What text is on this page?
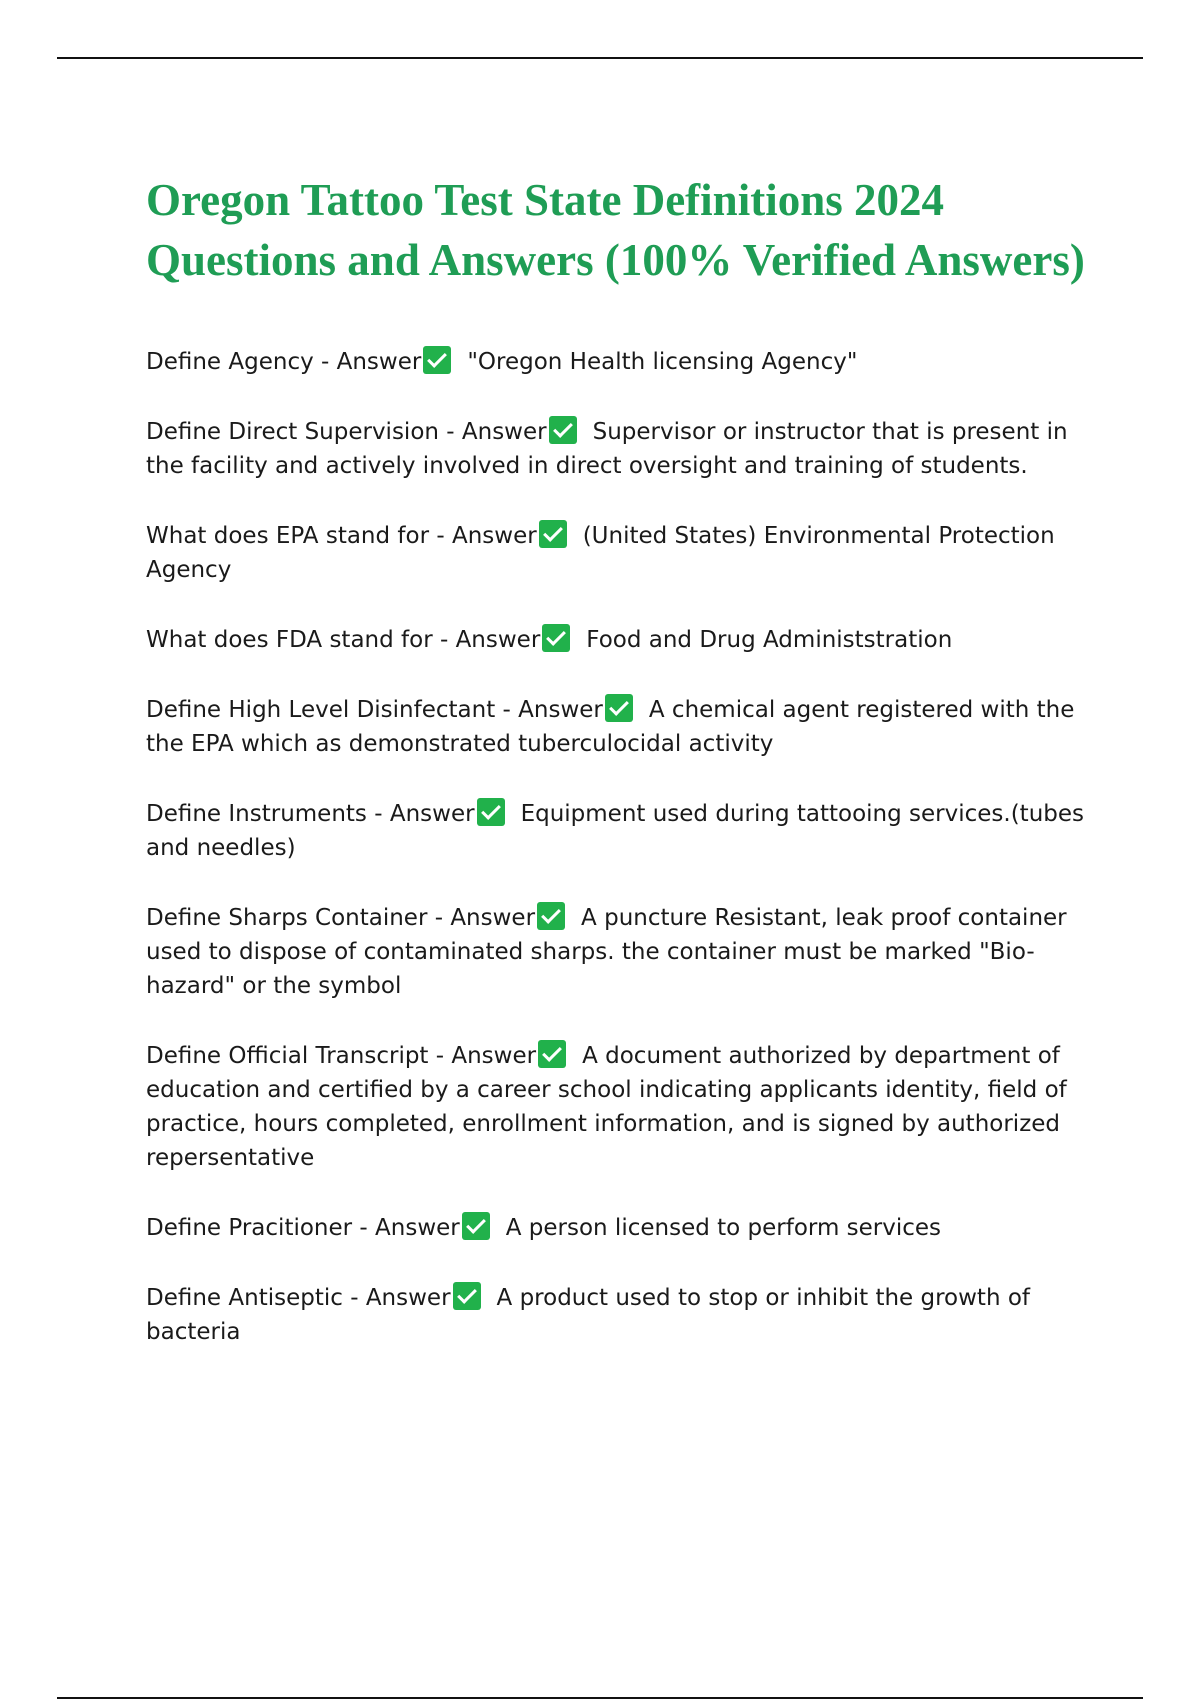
Oregon Tattoo Test State Definitions 2024 Questions and Answers (100% Verified Answers)

Define Agency - Answer "Oregon Health licensing Agency"

Define Direct Supervision - Answer Supervisor or instructor that is present in the facility and actively involved in direct oversight and training of students.

What does EPA stand for - Answer (United States) Environmental Protection Agency

What does FDA stand for - Answer Food and Drug Administstration

Define High Level Disinfectant - Answer A chemical agent registered with the the EPA which as demonstrated tuberculocidal activity

Define Instruments - Answer Equipment used during tattooing services.(tubes and needles)

Define Sharps Container - Answer A puncture Resistant, leak proof container used to dispose of contaminated sharps. the container must be marked "Bio-hazard" or the symbol

Define Official Transcript - Answer A document authorized by department of education and certified by a career school indicating applicants identity, field of practice, hours completed, enrollment information, and is signed by authorized repersentative

Define Pracitioner - Answer A person licensed to perform services

Define Antiseptic - Answer A product used to stop or inhibit the growth of bacteria
